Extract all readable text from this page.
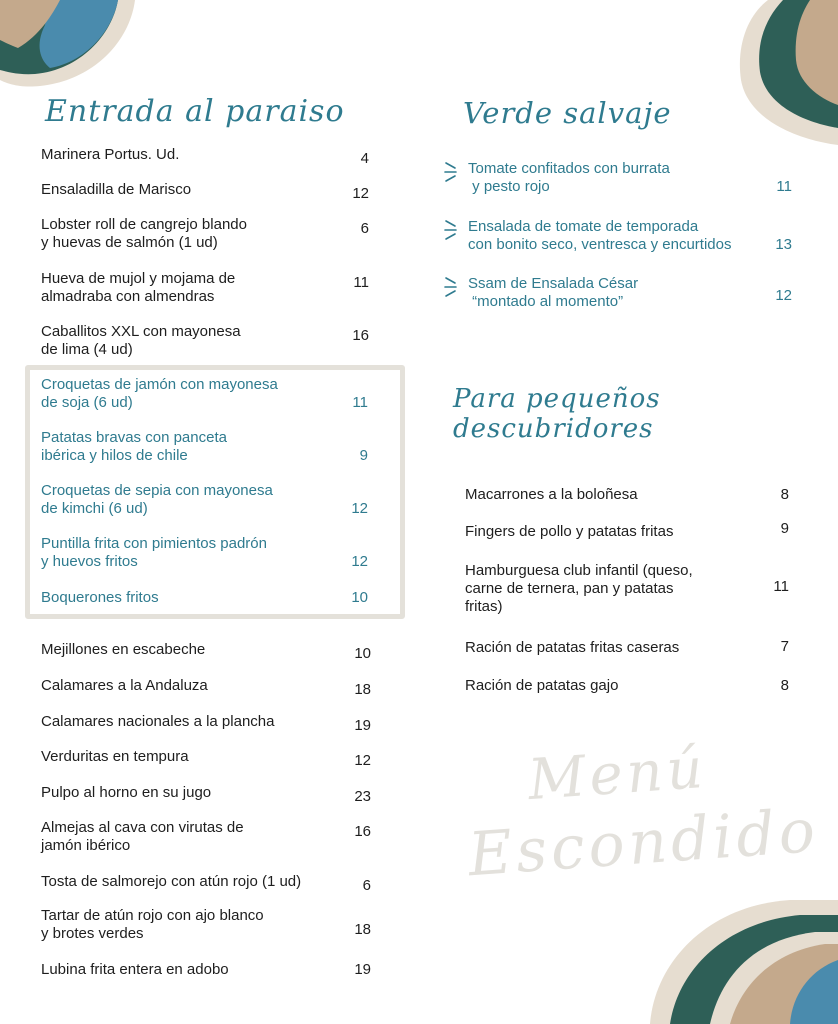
Menú
Escondido
Entrada al paraiso
Marinera Portus. Ud.	4
Ensaladilla de Marisco	12
Lobster roll de cangrejo blando
y huevas de salmón (1 ud)
6
Hueva de mujol y mojama de
almadraba con almendras
11
Caballitos XXL con mayonesa
de lima (4 ud)
16
Croquetas de jamón con mayonesa
de soja (6 ud)	11
Patatas bravas con panceta
ibérica y hilos de chile	9
Croquetas de sepia con mayonesa
de kimchi (6 ud)	12
Puntilla frita con pimientos padrón
y huevos fritos	12
Boquerones fritos	10
Mejillones en escabeche	10
Calamares a la Andaluza	18
Calamares nacionales a la plancha	19
Verduritas en tempura	12
Pulpo al horno en su jugo	23
Almejas al cava con virutas de
jamón ibérico
16
Tosta de salmorejo con atún rojo (1 ud)	6
Tartar de atún rojo con ajo blanco
y brotes verdes	18
Lubina frita entera en adobo	19
Verde salvaje
Tomate confitados con burrata
y pesto rojo	11
Ensalada de tomate de temporada
con bonito seco, ventresca y encurtidos	13
Ssam de Ensalada César
“montado al momento”	12
Para pequeños descubridores
Macarrones a la boloñesa	8
Fingers de pollo y patatas fritas	9
Hamburguesa club infantil (queso,
carne de ternera, pan y patatas
fritas)
11
Ración de patatas fritas caseras	7
Ración de patatas gajo	8
